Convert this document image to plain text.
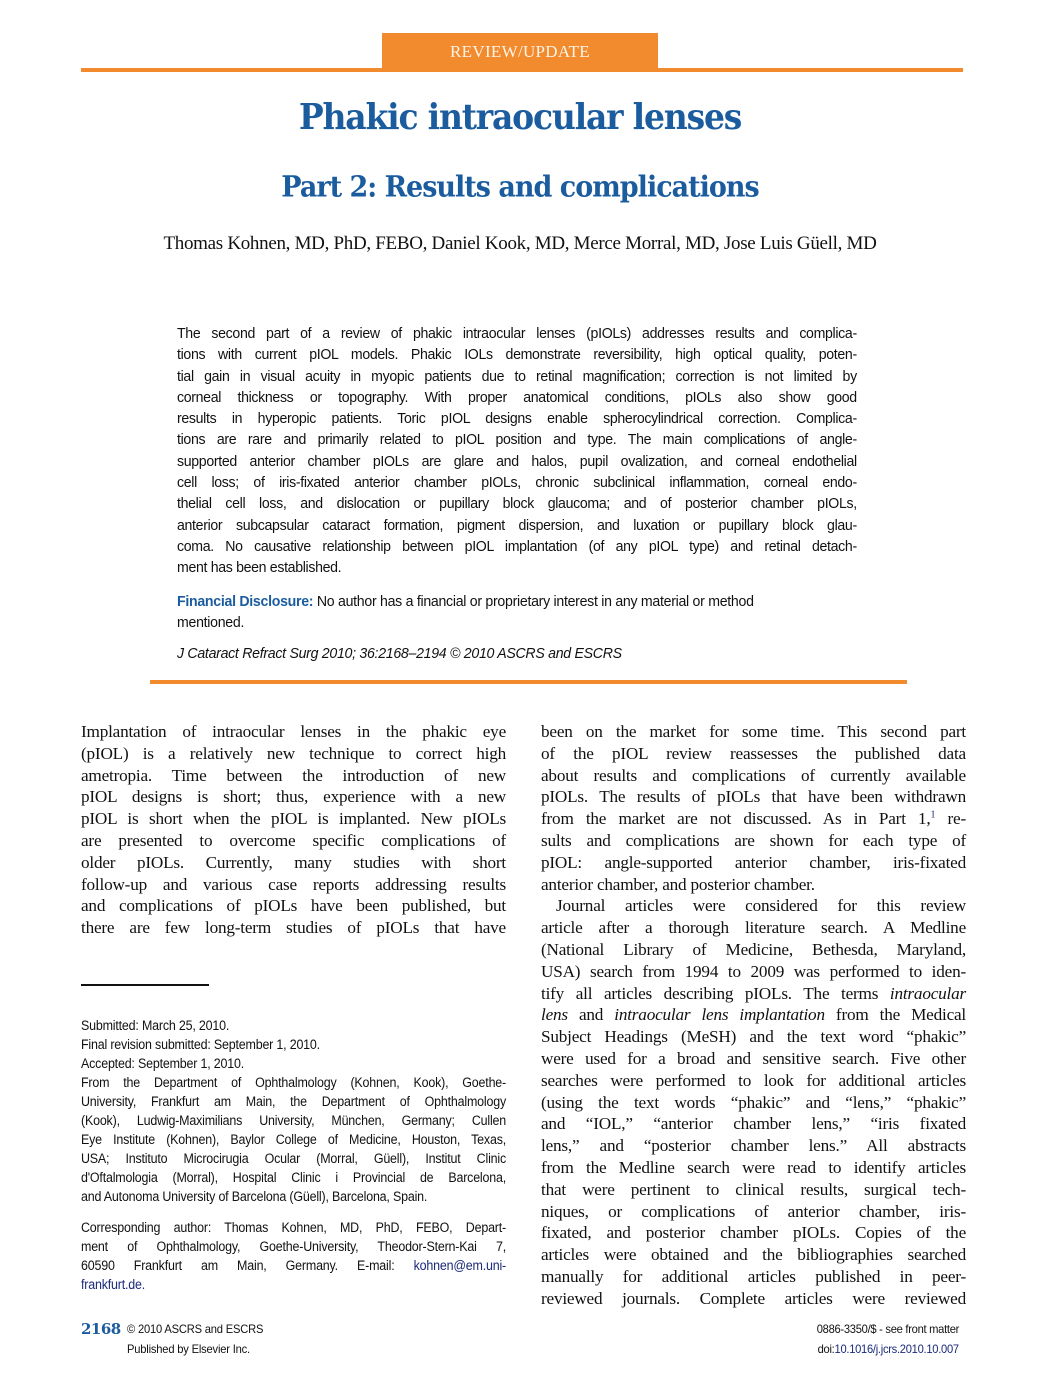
REVIEW/UPDATE
Phakic intraocular lenses
Part 2: Results and complications
Thomas Kohnen, MD, PhD, FEBO, Daniel Kook, MD, Merce Morral, MD, Jose Luis Güell, MD
The second part of a review of phakic intraocular lenses (pIOLs) addresses results and complica-
tions with current pIOL models. Phakic IOLs demonstrate reversibility, high optical quality, poten-
tial gain in visual acuity in myopic patients due to retinal magnification; correction is not limited by
corneal thickness or topography. With proper anatomical conditions, pIOLs also show good
results in hyperopic patients. Toric pIOL designs enable spherocylindrical correction. Complica-
tions are rare and primarily related to pIOL position and type. The main complications of angle-
supported anterior chamber pIOLs are glare and halos, pupil ovalization, and corneal endothelial
cell loss; of iris-fixated anterior chamber pIOLs, chronic subclinical inflammation, corneal endo-
thelial cell loss, and dislocation or pupillary block glaucoma; and of posterior chamber pIOLs,
anterior subcapsular cataract formation, pigment dispersion, and luxation or pupillary block glau-
coma. No causative relationship between pIOL implantation (of any pIOL type) and retinal detach-
ment has been established.
Financial Disclosure: No author has a financial or proprietary interest in any material or method
mentioned.
J Cataract Refract Surg 2010; 36:2168–2194 © 2010 ASCRS and ESCRS
Implantation of intraocular lenses in the phakic eye
(pIOL) is a relatively new technique to correct high
ametropia. Time between the introduction of new
pIOL designs is short; thus, experience with a new
pIOL is short when the pIOL is implanted. New pIOLs
are presented to overcome specific complications of
older pIOLs. Currently, many studies with short
follow-up and various case reports addressing results
and complications of pIOLs have been published, but
there are few long-term studies of pIOLs that have
Submitted: March 25, 2010.
Final revision submitted: September 1, 2010.
Accepted: September 1, 2010.
From the Department of Ophthalmology (Kohnen, Kook), Goethe-
University, Frankfurt am Main, the Department of Ophthalmology
(Kook), Ludwig-Maximilians University, München, Germany; Cullen
Eye Institute (Kohnen), Baylor College of Medicine, Houston, Texas,
USA; Instituto Microcirugia Ocular (Morral, Güell), Institut Clinic
d'Oftalmologia (Morral), Hospital Clinic i Provincial de Barcelona,
and Autonoma University of Barcelona (Güell), Barcelona, Spain.
Corresponding author: Thomas Kohnen, MD, PhD, FEBO, Depart-
ment of Ophthalmology, Goethe-University, Theodor-Stern-Kai 7,
60590 Frankfurt am Main, Germany. E-mail: kohnen@em.uni-
frankfurt.de.
been on the market for some time. This second part
of the pIOL review reassesses the published data
about results and complications of currently available
pIOLs. The results of pIOLs that have been withdrawn
from the market are not discussed. As in Part 1,$^1$ re-
sults and complications are shown for each type of
pIOL: angle-supported anterior chamber, iris-fixated
anterior chamber, and posterior chamber.
Journal articles were considered for this review
article after a thorough literature search. A Medline
(National Library of Medicine, Bethesda, Maryland,
USA) search from 1994 to 2009 was performed to iden-
tify all articles describing pIOLs. The terms intraocular
lens and intraocular lens implantation from the Medical
Subject Headings (MeSH) and the text word “phakic”
were used for a broad and sensitive search. Five other
searches were performed to look for additional articles
(using the text words “phakic” and “lens,” “phakic”
and “IOL,” “anterior chamber lens,” “iris fixated
lens,” and “posterior chamber lens.” All abstracts
from the Medline search were read to identify articles
that were pertinent to clinical results, surgical tech-
niques, or complications of anterior chamber, iris-
fixated, and posterior chamber pIOLs. Copies of the
articles were obtained and the bibliographies searched
manually for additional articles published in peer-
reviewed journals. Complete articles were reviewed
2168 © 2010 ASCRS and ESCRS
Published by Elsevier Inc.
0886-3350/$ - see front matter
doi:10.1016/j.jcrs.2010.10.007
